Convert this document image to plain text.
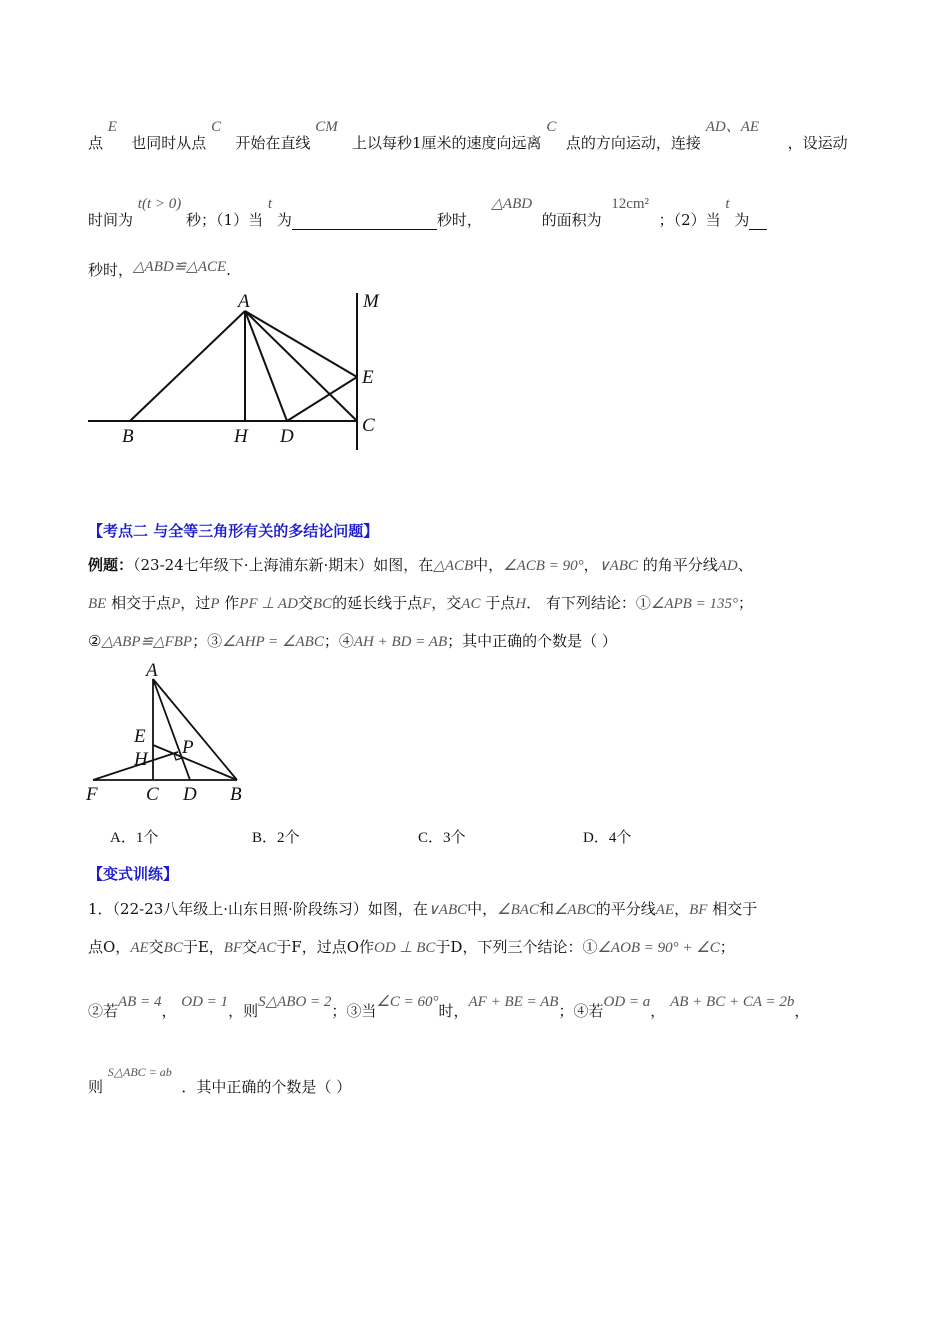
点 E   也同时从点 C   开始在直线 CM   上以每秒1厘米的速度向远离 C  点的方向运动，连接 AD、AE      ，设运动
时间为 t(t > 0) 秒；（1）当 t 为	秒时，  △ABD  的面积为  12cm²  ；（2）当 t 为
秒时，△ABD≌△ACE.
A	M
E
C
B	H D
【考点二 与全等三角形有关的多结论问题】
例题：（23-24七年级下·上海浦东新·期末）如图，在△ACB中，∠ACB = 90°，∨ABC 的角平分线AD、
BE 相交于点P，过P 作PF ⊥ AD交BC的延长线于点F，交AC 于点H． 有下列结论：①∠APB = 135°；
②△ABP≌△FBP；③∠AHP = ∠ABC；④AH + BD = AB；其中正确的个数是（ ）
A
E
H
P
F	C D B
A．1个	B．2个	C．3个	D．4个
【变式训练】
1．（22-23八年级上·山东日照·阶段练习）如图，在∨ABC中，∠BAC和∠ABC的平分线AE，BF 相交于
点O，AE交BC于E，BF交AC于F，过点O作OD ⊥ BC于D，下列三个结论：①∠AOB = 90° + ∠C；
②若AB = 4， OD = 1，则S△ABO = 2；③当∠C = 60°时，AF + BE = AB；④若OD = a， AB + BC + CA = 2b，
则 $^{S\triangle ABC = ab}$  ．其中正确的个数是（ ）
